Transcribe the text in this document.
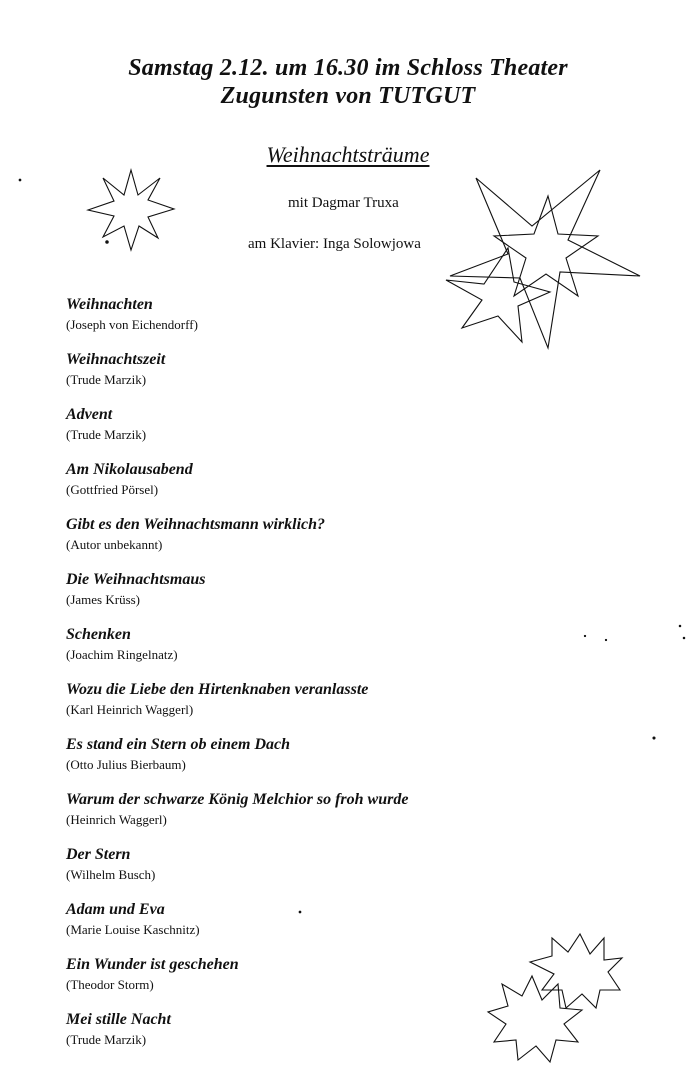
Samstag 2.12. um 16.30 im Schloss Theater
Zugunsten von TUTGUT
Weihnachtsträume
mit Dagmar Truxa
am Klavier: Inga Solowjowa
Weihnachten
(Joseph von Eichendorff)
Weihnachtszeit
(Trude Marzik)
Advent
(Trude Marzik)
Am Nikolausabend
(Gottfried Pörsel)
Gibt es den Weihnachtsmann wirklich?
(Autor unbekannt)
Die Weihnachtsmaus
(James Krüss)
Schenken
(Joachim Ringelnatz)
Wozu die Liebe den Hirtenknaben veranlasste
(Karl Heinrich Waggerl)
Es stand ein Stern ob einem Dach
(Otto Julius Bierbaum)
Warum der schwarze König Melchior so froh wurde
(Heinrich Waggerl)
Der Stern
(Wilhelm Busch)
Adam und Eva
(Marie Louise Kaschnitz)
Ein Wunder ist geschehen
(Theodor Storm)
Mei stille Nacht
(Trude Marzik)
